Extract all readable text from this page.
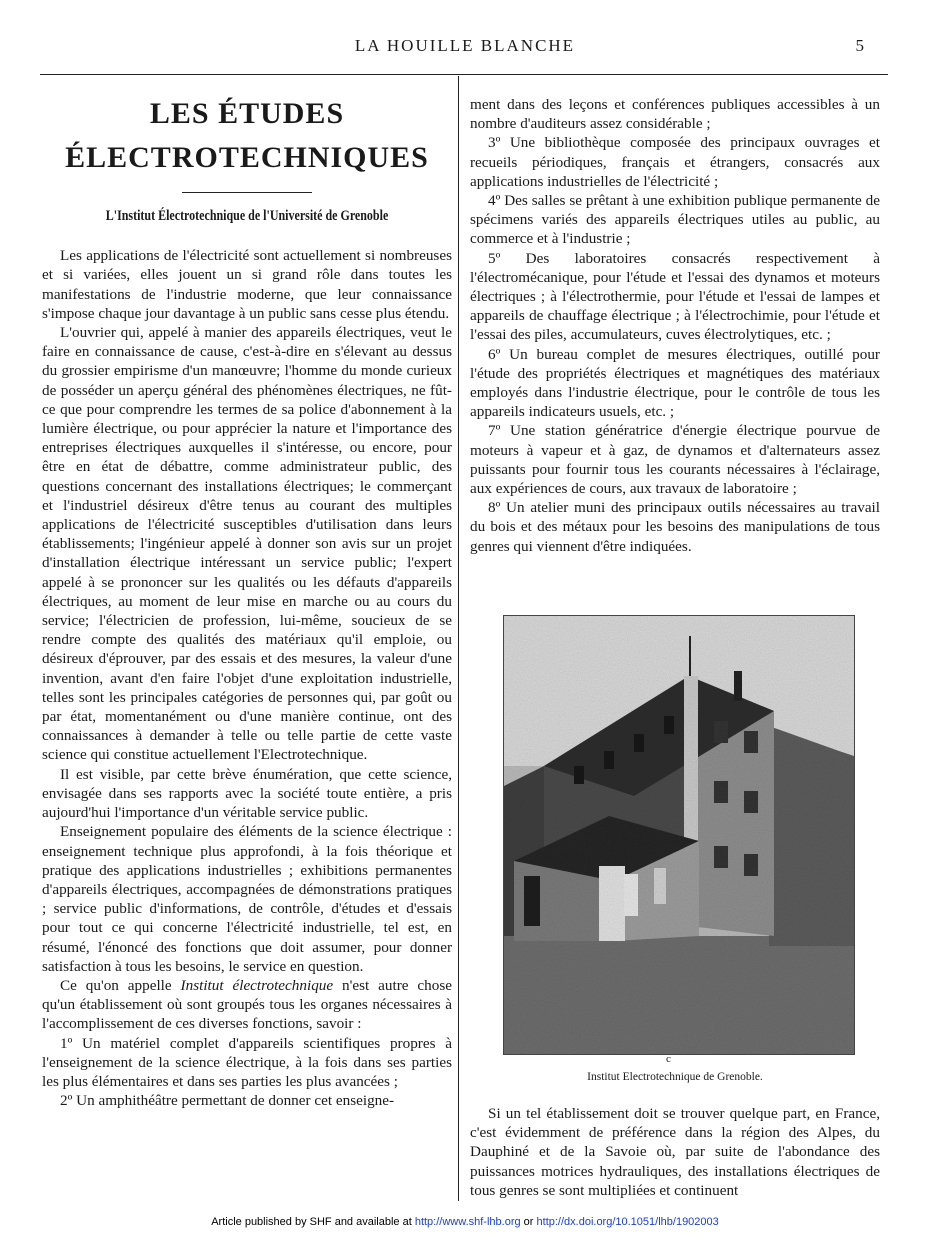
LA HOUILLE BLANCHE	5
LES ÉTUDES ÉLECTROTECHNIQUES
L'Institut Électrotechnique de l'Université de Grenoble

Les applications de l'électricité sont actuellement si nombreuses et si variées, elles jouent un si grand rôle dans toutes les manifestations de l'industrie moderne, que leur connaissance s'impose chaque jour davantage à un public sans cesse plus étendu.

L'ouvrier qui, appelé à manier des appareils électriques, veut le faire en connaissance de cause, c'est-à-dire en s'élevant au dessus du grossier empirisme d'un manœuvre; l'homme du monde curieux de posséder un aperçu général des phénomènes électriques, ne fût-ce que pour comprendre les termes de sa police d'abonnement à la lumière électrique, ou pour apprécier la nature et l'importance des entreprises électriques auxquelles il s'intéresse, ou encore, pour être en état de débattre, comme administrateur public, des questions concernant des installations électriques; le commerçant et l'industriel désireux d'être tenus au courant des multiples applications de l'électricité susceptibles d'utilisation dans leurs établissements; l'ingénieur appelé à donner son avis sur un projet d'installation électrique intéressant un service public; l'expert appelé à se prononcer sur les qualités ou les défauts d'appareils électriques, au moment de leur mise en marche ou au cours du service; l'électricien de profession, lui-même, soucieux de se rendre compte des qualités des matériaux qu'il emploie, ou désireux d'éprouver, par des essais et des mesures, la valeur d'une invention, avant d'en faire l'objet d'une exploitation industrielle, telles sont les principales catégories de personnes qui, par goût ou par état, momentanément ou d'une manière continue, ont des connaissances à demander à telle ou telle partie de cette vaste science qui constitue actuellement l'Electrotechnique.

Il est visible, par cette brève énumération, que cette science, envisagée dans ses rapports avec la société toute entière, a pris aujourd'hui l'importance d'un véritable service public.

Enseignement populaire des éléments de la science électrique : enseignement technique plus approfondi, à la fois théorique et pratique des applications industrielles ; exhibitions permanentes d'appareils électriques, accompagnées de démonstrations pratiques ; service public d'informations, de contrôle, d'études et d'essais pour tout ce qui concerne l'électricité industrielle, tel est, en résumé, l'énoncé des fonctions que doit assumer, pour donner satisfaction à tous les besoins, le service en question.

Ce qu'on appelle Institut électrotechnique n'est autre chose qu'un établissement où sont groupés tous les organes nécessaires à l'accomplissement de ces diverses fonctions, savoir :

1º Un matériel complet d'appareils scientifiques propres à l'enseignement de la science électrique, à la fois dans ses parties les plus élémentaires et dans ses parties les plus avancées ;

2º Un amphithéâtre permettant de donner cet enseigne-

ment dans des leçons et conférences publiques accessibles à un nombre d'auditeurs assez considérable ;

3º Une bibliothèque composée des principaux ouvrages et recueils périodiques, français et étrangers, consacrés aux applications industrielles de l'électricité ;

4º Des salles se prêtant à une exhibition publique permanente de spécimens variés des appareils électriques utiles au public, au commerce et à l'industrie ;

5º Des laboratoires consacrés respectivement à l'électromécanique, pour l'étude et l'essai des dynamos et moteurs électriques ; à l'électrothermie, pour l'étude et l'essai de lampes et appareils de chauffage électrique ; à l'électrochimie, pour l'étude et l'essai des piles, accumulateurs, cuves électrolytiques, etc. ;

6º Un bureau complet de mesures électriques, outillé pour l'étude des propriétés électriques et magnétiques des matériaux employés dans l'industrie électrique, pour le contrôle de tous les appareils indicateurs usuels, etc. ;

7º Une station génératrice d'énergie électrique pourvue de moteurs à vapeur et à gaz, de dynamos et d'alternateurs assez puissants pour fournir tous les courants nécessaires à l'éclairage, aux expériences de cours, aux travaux de laboratoire ;

8º Un atelier muni des principaux outils nécessaires au travail du bois et des métaux pour les besoins des manipulations de tous genres qui viennent d'être indiquées.

c
Institut Electrotechnique de Grenoble.

Si un tel établissement doit se trouver quelque part, en France, c'est évidemment de préférence dans la région des Alpes, du Dauphiné et de la Savoie où, par suite de l'abondance des puissances motrices hydrauliques, des installations électriques de tous genres se sont multipliées et continuent

Article published by SHF and available at http://www.shf-lhb.org or http://dx.doi.org/10.1051/lhb/1902003
